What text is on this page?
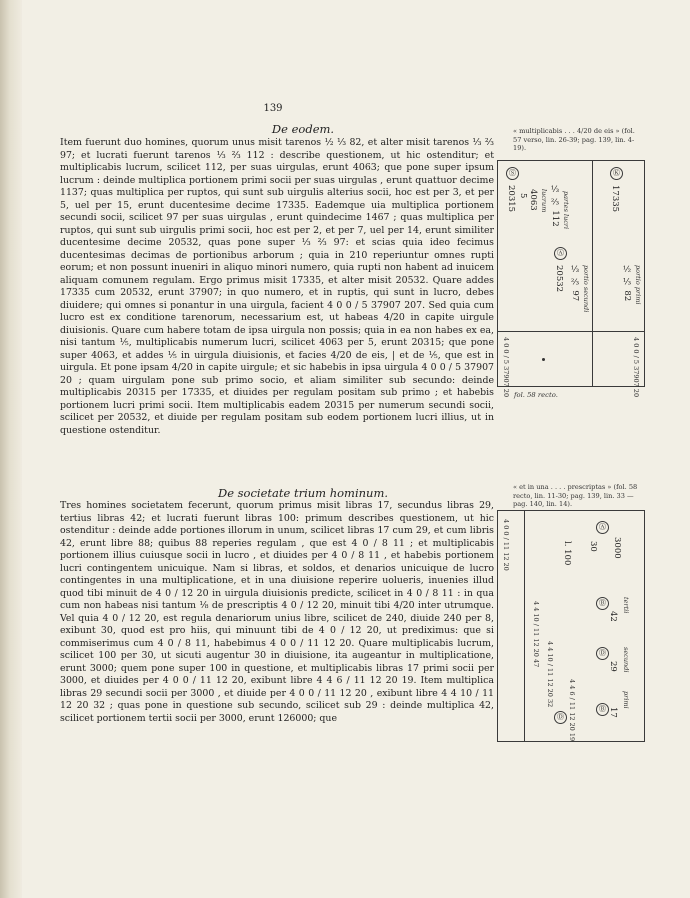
139
De eodem.

Item fuerunt duo homines, quorum unus misit tarenos ½ ⅓ 82, et alter misit tarenos ⅓ ⅔ 97; et lucrati fuerunt tarenos ⅓ ⅔ 112 : describe questionem, ut hic ostenditur; et multiplicabis lucrum, scilicet 112, per suas uirgulas, erunt 4063; que pone super ipsum lucrum : deinde multiplica portionem primi socii per suas uirgulas , erunt quattuor decime 1137; quas multiplica per ruptos, qui sunt sub uirgulis alterius socii, hoc est per 3, et per 5, uel per 15, erunt ducentesime decime 17335. Eademque uia multiplica portionem secundi socii, scilicet 97 per suas uirgulas , erunt quindecime 1467 ; quas multiplica per ruptos, qui sunt sub uirgulis primi socii, hoc est per 2, et per 7, uel per 14, erunt similiter ducentesime decime 20532, quas pone super ⅓ ⅔ 97: et scias quia ideo fecimus ducentesimas decimas de portionibus arborum ; quia in 210 reperiuntur omnes rupti eorum; et non possunt inueniri in aliquo minori numero, quia rupti non habent ad inuicem aliquam comunem regulam. Ergo primus misit 17335, et alter misit 20532. Quare addes 17335 cum 20532, erunt 37907; in quo numero, et in ruptis, qui sunt in lucro, debes diuidere; qui omnes si ponantur in una uirgula, facient 4 0 0 / 5 37907 207. Sed quia cum lucro est ex conditione tarenorum, necessarium est, ut habeas 4/20 in capite uirgule diuisionis. Quare cum habere totam de ipsa uirgula non possis; quia in ea non habes ex ea, nisi tantum ⅕, multiplicabis numerum lucri, scilicet 4063 per 5, erunt 20315; que pone super 4063, et addes ⅕ in uirgula diuisionis, et facies 4/20 de eis, | et de ⅕, que est in uirgula. Et pone ipsam 4/20 in capite uirgule; et sic habebis in ipsa uirgula 4 0 0 / 5 37907 20 ; quam uirgulam pone sub primo socio, et aliam similiter sub secundo: deinde multiplicabis 20315 per 17335, et diuides per regulam positam sub primo ; et habebis portionem lucri primi socii. Item multiplicabis eadem 20315 per numerum secundi socii, scilicet per 20532, et diuide per regulam positam sub eodem portionem lucri illius, ut in questione ostenditur.

De societate trium hominum.

Tres homines societatem fecerunt, quorum primus misit libras 17, secundus libras 29, tertius libras 42; et lucrati fuerunt libras 100: primum describes questionem, ut hic ostenditur : deinde adde portiones illorum in unum, scilicet libras 17 cum 29, et cum libris 42, erunt libre 88; quibus 88 reperies regulam , que est 4 0 / 8 11 ; et multiplicabis portionem illius cuiusque socii in lucro , et diuides per 4 0 / 8 11 , et habebis portionem lucri contingentem unicuique. Nam si libras, et soldos, et denarios unicuique de lucro contingentes in una multiplicatione, et in una diuisione reperire uolueris, inuenies illud quod tibi minuit de 4 0 / 12 20 in uirgula diuisionis predicte, scilicet in 4 0 / 8 11 : in qua cum non habeas nisi tantum ⅛ de prescriptis 4 0 / 12 20, minuit tibi 4/20 inter utrumque. Vel quia 4 0 / 12 20, est regula denariorum unius libre, scilicet de 240, diuide 240 per 8, exibunt 30, quod est pro hiis, qui minuunt tibi de 4 0 / 12 20, ut prediximus: que si commiserimus cum 4 0 / 8 11, habebimus 4 0 0 / 11 12 20. Quare multiplicabis lucrum, scilicet 100 per 30, ut sicuti augentur 30 in diuisione, ita augeantur in multiplicatione, erunt 3000; quem pone super 100 in questione, et multiplicabis libras 17 primi socii per 3000, et diuides per 4 0 0 / 11 12 20, exibunt libre 4 4 6 / 11 12 20 19. Item multiplica libras 29 secundi socii per 3000 , et diuide per 4 0 0 / 11 12 20 , exibunt libre 4 4 10 / 11 12 20 32 ; quas pone in questione sub secundo, scilicet sub 29 : deinde multiplica 42, scilicet portionem tertii socii per 3000, erunt 126000; que

« multiplicabis . . . 4/20 de eis » (fol. 57 verso, lin. 26-39; pag. 139, lin. 4-19).

Ⓢ
Ⓐ
Ⓚ
20315 5 4063 lucrum ⅓ ⅔ 112 partes lucri
20532 ⅓ ⅔ 97 portio secundi
17335
½ ⅓ 82 portio primi
4 0 0 / 5 37907 20	4 0 0 / 5 37907 20
fol. 58 recto.

« et in una . . . . prescriptas » (fol. 58 recto, lin. 11-30; pag. 139, lin. 33 — pag. 140, lin. 14).

Ⓐ
Ⓑ
Ⓓ
Ⓑ
Ⓓ
4 0 0 / 11 12 20	3000
30
l. 100
tertii
42
4 4 10 / 11 12 20 47	secundi
29
4 4 10 / 11 12 20 32	primi
17
4 4 6 / 11 12 20 19
